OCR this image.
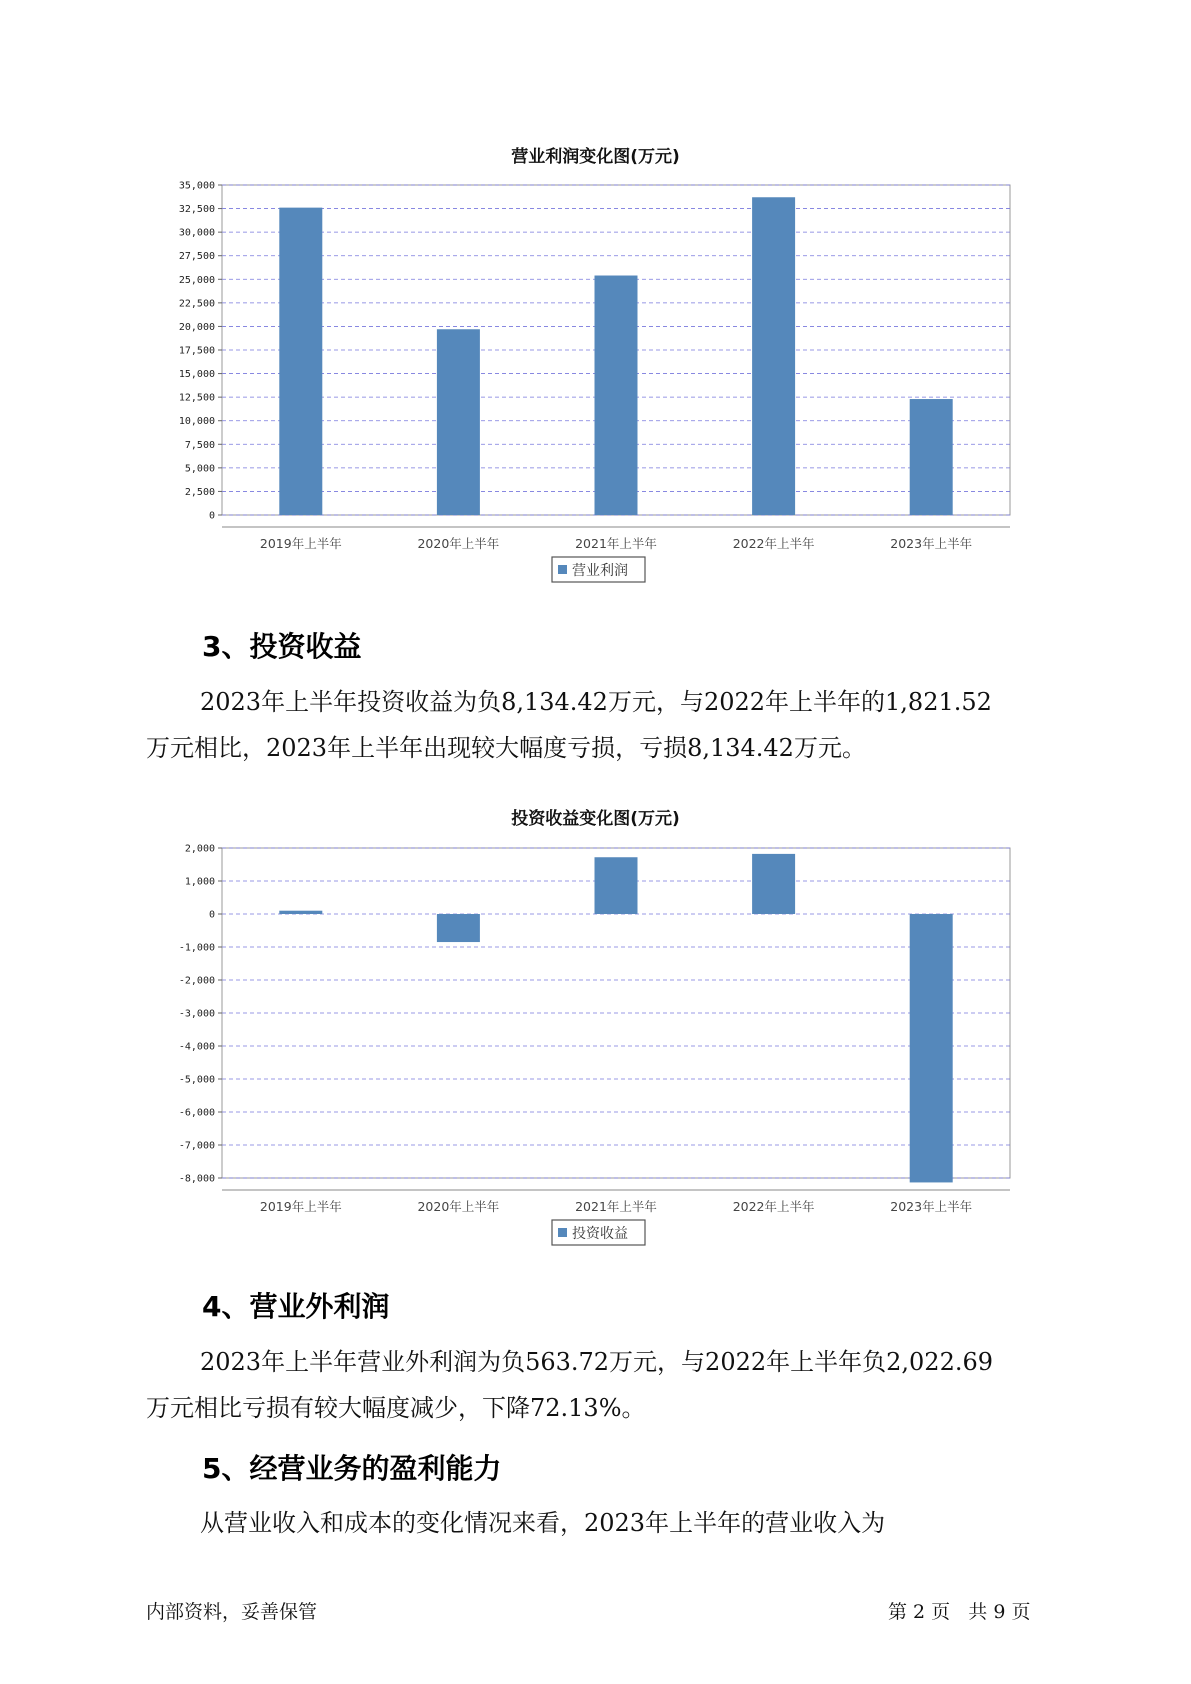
营业利润变化图(万元)
0
2,500
5,000
7,500
10,000
12,500
15,000
17,500
20,000
22,500
25,000
27,500
30,000
32,500
35,000
2019年上半年	2020年上半年	2021年上半年	2022年上半年	2023年上半年
营业利润
3、投资收益

2023年上半年投资收益为负8,134.42万元，与2022年上半年的1,821.52
万元相比，2023年上半年出现较大幅度亏损，亏损8,134.42万元。

投资收益变化图(万元)
2,000
1,000
0
-1,000
-2,000
-3,000
-4,000
-5,000
-6,000
-7,000
-8,000
2019年上半年	2020年上半年	2021年上半年	2022年上半年	2023年上半年
投资收益
4、营业外利润

2023年上半年营业外利润为负563.72万元，与2022年上半年负2,022.69
万元相比亏损有较大幅度减少，下降72.13%。

5、经营业务的盈利能力

从营业收入和成本的变化情况来看，2023年上半年的营业收入为

内部资料，妥善保管	第 2 页   共 9 页
